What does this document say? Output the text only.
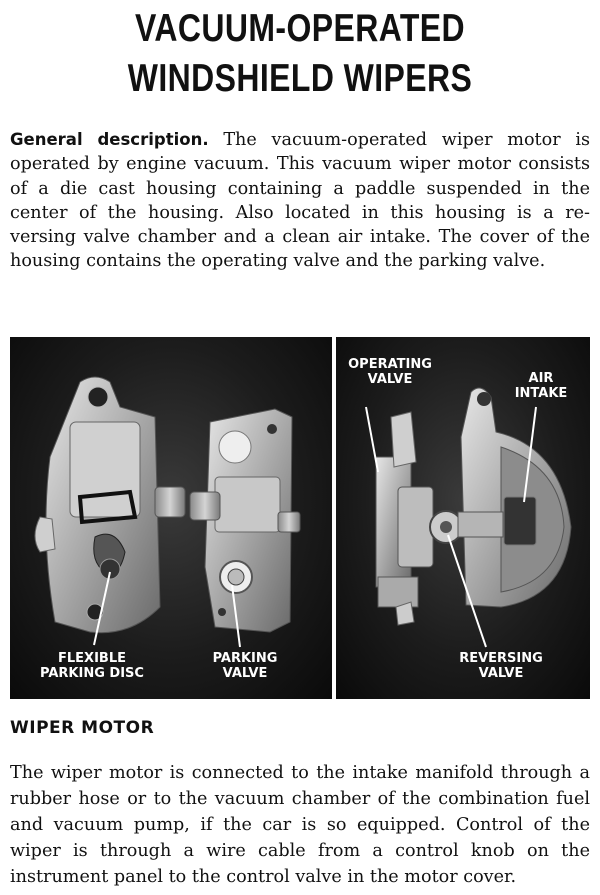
VACUUM-OPERATED
WINDSHIELD WIPERS

General description. The vacuum-operated wiper motor is operated by engine vacuum. This vacuum wiper motor consists of a die cast housing containing a paddle suspended in the center of the housing. Also located in this housing is a re-versing valve chamber and a clean air intake. The cover of the housing contains the operating valve and the parking valve.

FLEXIBLE
PARKING DISC
PARKING
VALVE
OPERATING
VALVE	AIR
INTAKE
REVERSING
VALVE
WIPER MOTOR

The wiper motor is connected to the intake manifold through a rubber hose or to the vacuum chamber of the combination fuel and vacuum pump, if the car is so equipped. Control of the wiper is through a wire cable from a control knob on the instrument panel to the control valve in the motor cover.
